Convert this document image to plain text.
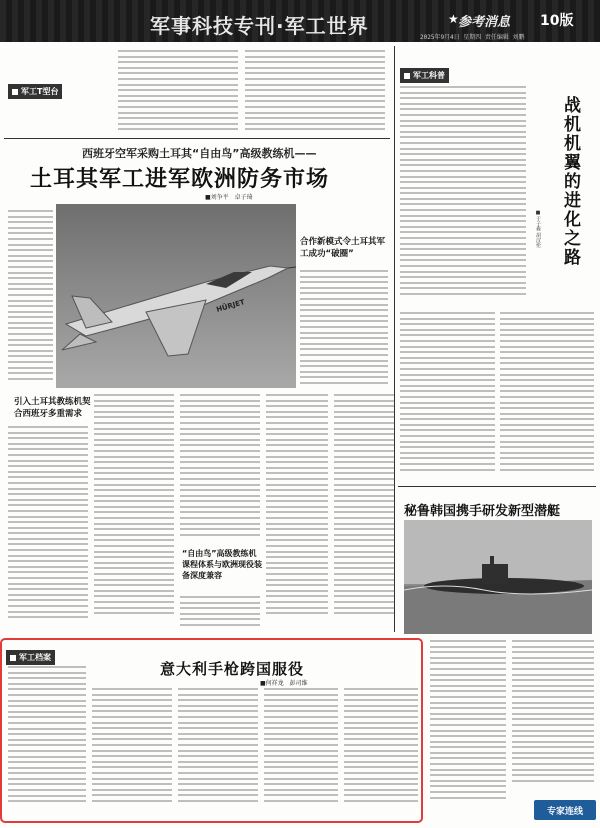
军事科技专刊·军工世界	★ 参考消息 10版
2025年9月4日 星期四 责任编辑 刘鹏
军工T型台
西班牙空军采购土耳其“自由鸟”高级教练机——
土耳其军工进军欧洲防务市场
■刘争平　卓子琦
HÜRJET
合作新模式令土耳其军工成功“破圈”
引入土耳其教练机契合西班牙多重需求
“自由鸟”高级教练机课程体系与欧洲现役装备深度兼容
军工科普
战机机翼的进化之路
■于子森 胡汉伦
秘鲁韩国携手研发新型潜艇
军工档案
意大利手枪跨国服役
■何祥龙　彭司维
专家连线
